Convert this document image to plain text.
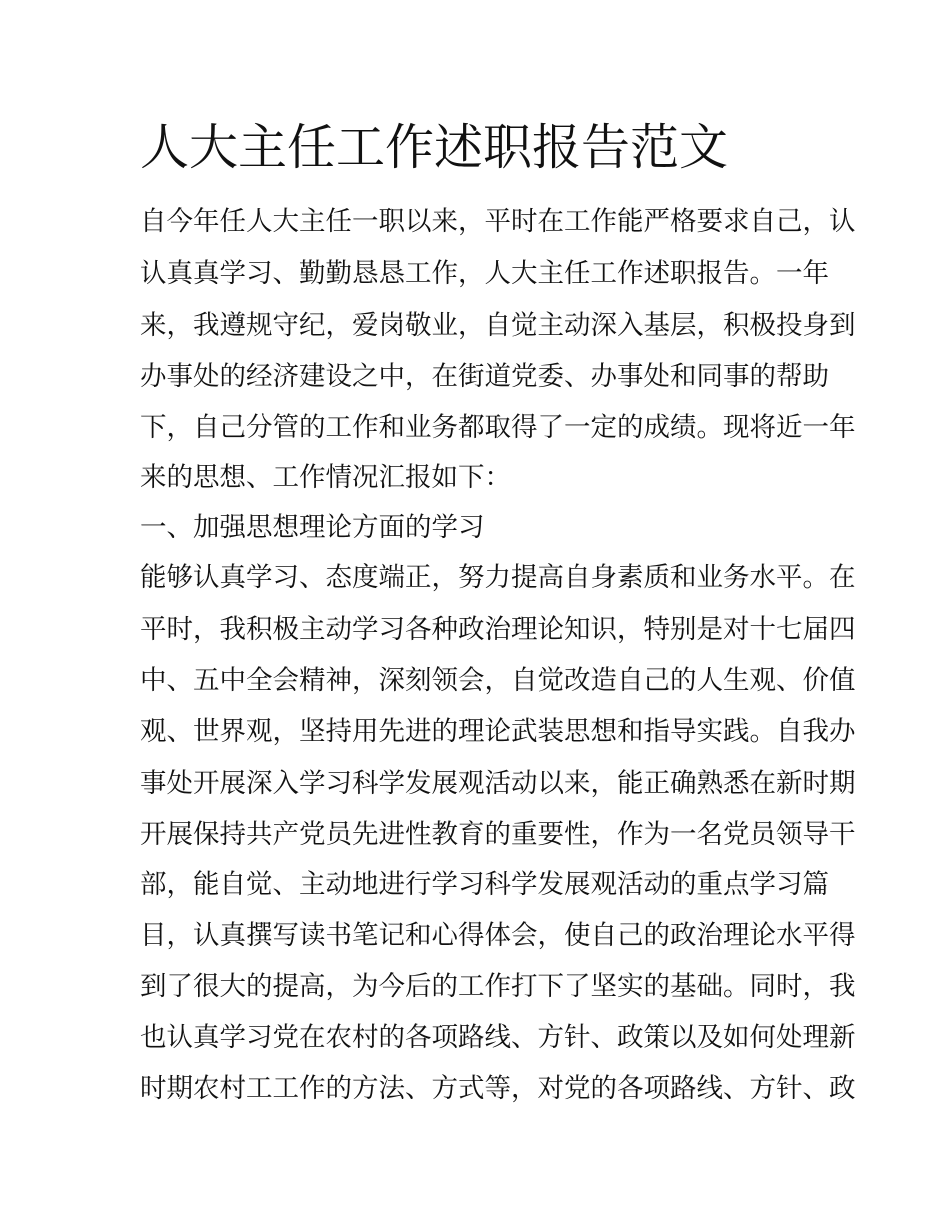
人大主任工作述职报告范文

自今年任人大主任一职以来，平时在工作能严格要求自己，认

认真真学习、勤勤恳恳工作，人大主任工作述职报告。一年

来，我遵规守纪，爱岗敬业，自觉主动深入基层，积极投身到

办事处的经济建设之中，在街道党委、办事处和同事的帮助

下，自己分管的工作和业务都取得了一定的成绩。现将近一年

来的思想、工作情况汇报如下：

一、加强思想理论方面的学习

能够认真学习、态度端正，努力提高自身素质和业务水平。在

平时，我积极主动学习各种政治理论知识，特别是对十七届四

中、五中全会精神，深刻领会，自觉改造自己的人生观、价值

观、世界观，坚持用先进的理论武装思想和指导实践。自我办

事处开展深入学习科学发展观活动以来，能正确熟悉在新时期

开展保持共产党员先进性教育的重要性，作为一名党员领导干

部，能自觉、主动地进行学习科学发展观活动的重点学习篇

目，认真撰写读书笔记和心得体会，使自己的政治理论水平得

到了很大的提高，为今后的工作打下了坚实的基础。同时，我

也认真学习党在农村的各项路线、方针、政策以及如何处理新

时期农村工工作的方法、方式等，对党的各项路线、方针、政
